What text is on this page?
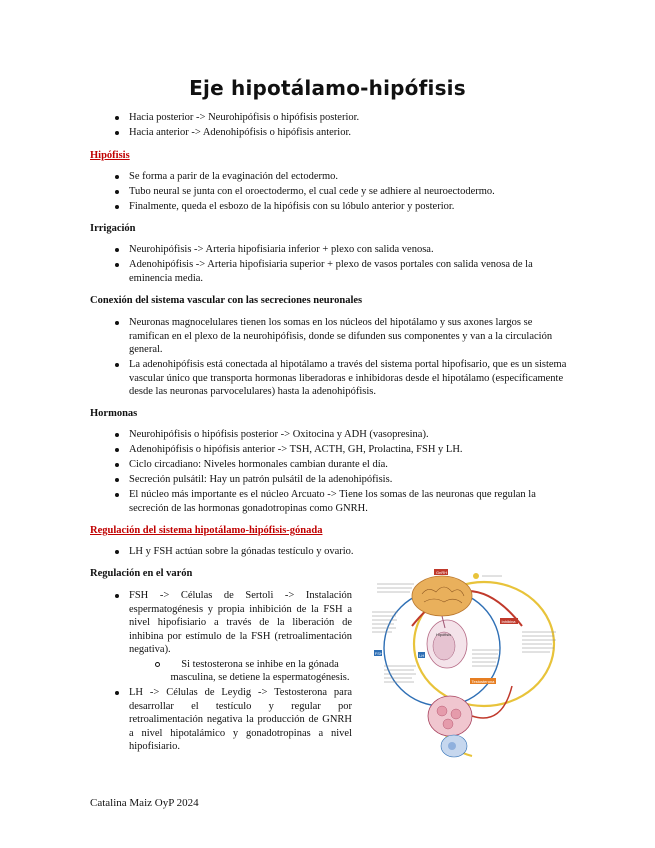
Eje hipotálamo-hipófisis
Hacia posterior -> Neurohipófisis o hipófisis posterior.
Hacia anterior -> Adenohipófisis o hipófisis anterior.
Hipófisis
Se forma a parir de la evaginación del ectodermo.
Tubo neural se junta con el oroectodermo, el cual cede y se adhiere al neuroectodermo.
Finalmente, queda el esbozo de la hipófisis con su lóbulo anterior y posterior.
Irrigación
Neurohipófisis -> Arteria hipofisiaria inferior + plexo con salida venosa.
Adenohipófisis -> Arteria hipofisiaria superior + plexo de vasos portales con salida venosa de la eminencia media.
Conexión del sistema vascular con las secreciones neuronales
Neuronas magnocelulares tienen los somas en los núcleos del hipotálamo y sus axones largos se ramifican en el plexo de la neurohipófisis, donde se difunden sus componentes y van a la circulación general.
La adenohipófisis está conectada al hipotálamo a través del sistema portal hipofisario, que es un sistema vascular único que transporta hormonas liberadoras e inhibidoras desde el hipotálamo (específicamente desde las neuronas parvocelulares) hasta la adenohipófisis.
Hormonas
Neurohipófisis o hipófisis posterior -> Oxitocina y ADH (vasopresina).
Adenohipófisis o hipófisis anterior -> TSH, ACTH, GH, Prolactina, FSH y LH.
Ciclo circadiano: Niveles hormonales cambian durante el día.
Secreción pulsátil: Hay un patrón pulsátil de la adenohipófisis.
El núcleo más importante es el núcleo Arcuato -> Tiene los somas de las neuronas que regulan la secreción de las hormonas gonadotropinas como GNRH.
Regulación del sistema hipotálamo-hipófisis-gónada
LH y FSH actúan sobre la gónadas testículo y ovario.
Regulación en el varón
FSH -> Células de Sertoli -> Instalación espermatogénesis y propia inhibición de la FSH a nivel hipofisiario a través de la liberación de inhibina por estímulo de la FSH (retroalimentación negativa).
Si testosterona se inhibe en la gónada masculina, se detiene la espermatogénesis.
LH -> Células de Leydig -> Testosterona para desarrollar el testículo y regular por retroalimentación negativa la producción de GNRH a nivel hipotalámico y gonadotropinas a nivel hipofisiario.
GnRH
Inhibina
Testosterona
FSH	LH
Hipófisis
Catalina Maiz OyP 2024
